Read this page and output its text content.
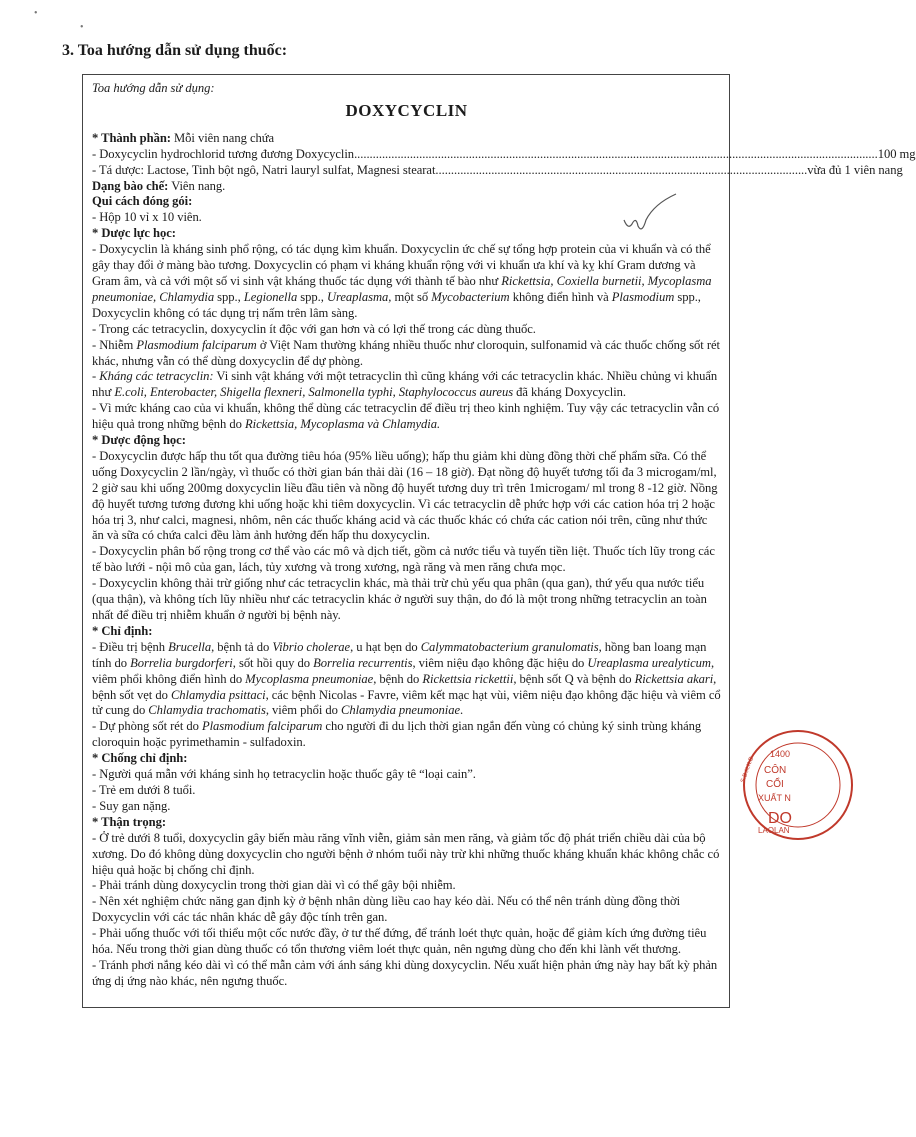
•
•
3. Toa hướng dẫn sử dụng thuốc:

Toa hướng dẫn sử dụng:

DOXYCYCLIN

* Thành phần: Mỗi viên nang chứa

- Doxycyclin hydrochlorid tương đương Doxycyclin ......................................................................................................................................................................... 100 mg
- Tá dược: Lactose, Tinh bột ngô, Natri lauryl sulfat, Magnesi stearat ........................................................................................................................ vừa đủ 1 viên nang

Dạng bào chế: Viên nang.

Qui cách đóng gói:

- Hộp 10 vỉ x 10 viên.

* Dược lực học:

- Doxycyclin là kháng sinh phổ rộng, có tác dụng kìm khuẩn. Doxycyclin ức chế sự tổng hợp protein của vi khuẩn và có thể gây thay đổi ở màng bào tương. Doxycyclin có phạm vi kháng khuẩn rộng với vi khuẩn ưa khí và kỵ khí Gram dương và Gram âm, và cả với một số vi sinh vật kháng thuốc tác dụng với thành tế bào như Rickettsia, Coxiella burnetii, Mycoplasma pneumoniae, Chlamydia spp., Legionella spp., Ureaplasma, một số Mycobacterium không điển hình và Plasmodium spp., Doxycyclin không có tác dụng trị nấm trên lâm sàng.

- Trong các tetracyclin, doxycyclin ít độc với gan hơn và có lợi thế trong các dùng thuốc.

- Nhiễm Plasmodium falciparum ở Việt Nam thường kháng nhiều thuốc như cloroquin, sulfonamid và các thuốc chống sốt rét khác, nhưng vẫn có thể dùng doxycyclin để dự phòng.

- Kháng các tetracyclin: Vi sinh vật kháng với một tetracyclin thì cũng kháng với các tetracyclin khác. Nhiều chủng vi khuẩn như E.coli, Enterobacter, Shigella flexneri, Salmonella typhi, Staphylococcus aureus đã kháng Doxycyclin.

- Vì mức kháng cao của vi khuẩn, không thể dùng các tetracyclin để điều trị theo kinh nghiệm. Tuy vậy các tetracyclin vẫn có hiệu quả trong những bệnh do Rickettsia, Mycoplasma và Chlamydia.

* Dược động học:

- Doxycyclin được hấp thu tốt qua đường tiêu hóa (95% liều uống); hấp thu giảm khi dùng đồng thời chế phẩm sữa. Có thể uống Doxycyclin 2 lần/ngày, vì thuốc có thời gian bán thải dài (16 – 18 giờ). Đạt nồng độ huyết tương tối đa 3 microgam/ml, 2 giờ sau khi uống 200mg doxycyclin liều đầu tiên và nồng độ huyết tương duy trì trên 1microgam/ ml trong 8 -12 giờ. Nồng độ huyết tương tương đương khi uống hoặc khi tiêm doxycyclin. Vì các tetracyclin dễ phức hợp với các cation hóa trị 2 hoặc hóa trị 3, như calci, magnesi, nhôm, nên các thuốc kháng acid và các thuốc khác có chứa các cation nói trên, cũng như thức ăn và sữa có chứa calci đều làm ảnh hưởng đến hấp thu doxycyclin.

- Doxycyclin phân bố rộng trong cơ thể vào các mô và dịch tiết, gồm cả nước tiểu và tuyến tiền liệt. Thuốc tích lũy trong các tế bào lưới - nội mô của gan, lách, tủy xương và trong xương, ngà răng và men răng chưa mọc.

- Doxycyclin không thải trừ giống như các tetracyclin khác, mà thải trừ chủ yếu qua phân (qua gan), thứ yếu qua nước tiểu (qua thận), và không tích lũy nhiều như các tetracyclin khác ở người suy thận, do đó là một trong những tetracyclin an toàn nhất để điều trị nhiễm khuẩn ở người bị bệnh này.

* Chỉ định:

- Điều trị bệnh Brucella, bệnh tả do Vibrio cholerae, u hạt bẹn do Calymmatobacterium granulomatis, hồng ban loang mạn tính do Borrelia burgdorferi, sốt hồi quy do Borrelia recurrentis, viêm niệu đạo không đặc hiệu do Ureaplasma urealyticum, viêm phổi không điển hình do Mycoplasma pneumoniae, bệnh do Rickettsia rickettii, bệnh sốt Q và bệnh do Rickettsia akari, bệnh sốt vẹt do Chlamydia psittaci, các bệnh Nicolas - Favre, viêm kết mạc hạt vùi, viêm niệu đạo không đặc hiệu và viêm cổ tử cung do Chlamydia trachomatis, viêm phổi do Chlamydia pneumoniae.

- Dự phòng sốt rét do Plasmodium falciparum cho người đi du lịch thời gian ngắn đến vùng có chủng ký sinh trùng kháng cloroquin hoặc pyrimethamin - sulfadoxin.

* Chống chỉ định:

- Người quá mẫn với kháng sinh họ tetracyclin hoặc thuốc gây tê “loại cain”.

- Trẻ em dưới 8 tuổi.

- Suy gan nặng.

* Thận trọng:

- Ở trẻ dưới 8 tuổi, doxycyclin gây biến màu răng vĩnh viễn, giảm sản men răng, và giảm tốc độ phát triển chiều dài của bộ xương. Do đó không dùng doxycyclin cho người bệnh ở nhóm tuổi này trừ khi những thuốc kháng khuẩn khác không chắc có hiệu quả hoặc bị chống chỉ định.

- Phải tránh dùng doxycyclin trong thời gian dài vì có thể gây bội nhiễm.

- Nên xét nghiệm chức năng gan định kỳ ở bệnh nhân dùng liều cao hay kéo dài. Nếu có thể nên tránh dùng đồng thời Doxycyclin với các tác nhân khác dễ gây độc tính trên gan.

- Phải uống thuốc với tối thiểu một cốc nước đầy, ở tư thế đứng, để tránh loét thực quản, hoặc để giảm kích ứng đường tiêu hóa. Nếu trong thời gian dùng thuốc có tổn thương viêm loét thực quản, nên ngưng dùng cho đến khi lành vết thương.

- Tránh phơi nắng kéo dài vì có thể mẫn cảm với ánh sáng khi dùng doxycyclin. Nếu xuất hiện phản ứng này hay bất kỳ phản ứng dị ứng nào khác, nên ngưng thuốc.

1400
S.Đ.K.K.D
LAOLAN
CÔN
CỔI
XUẤT N
DO
